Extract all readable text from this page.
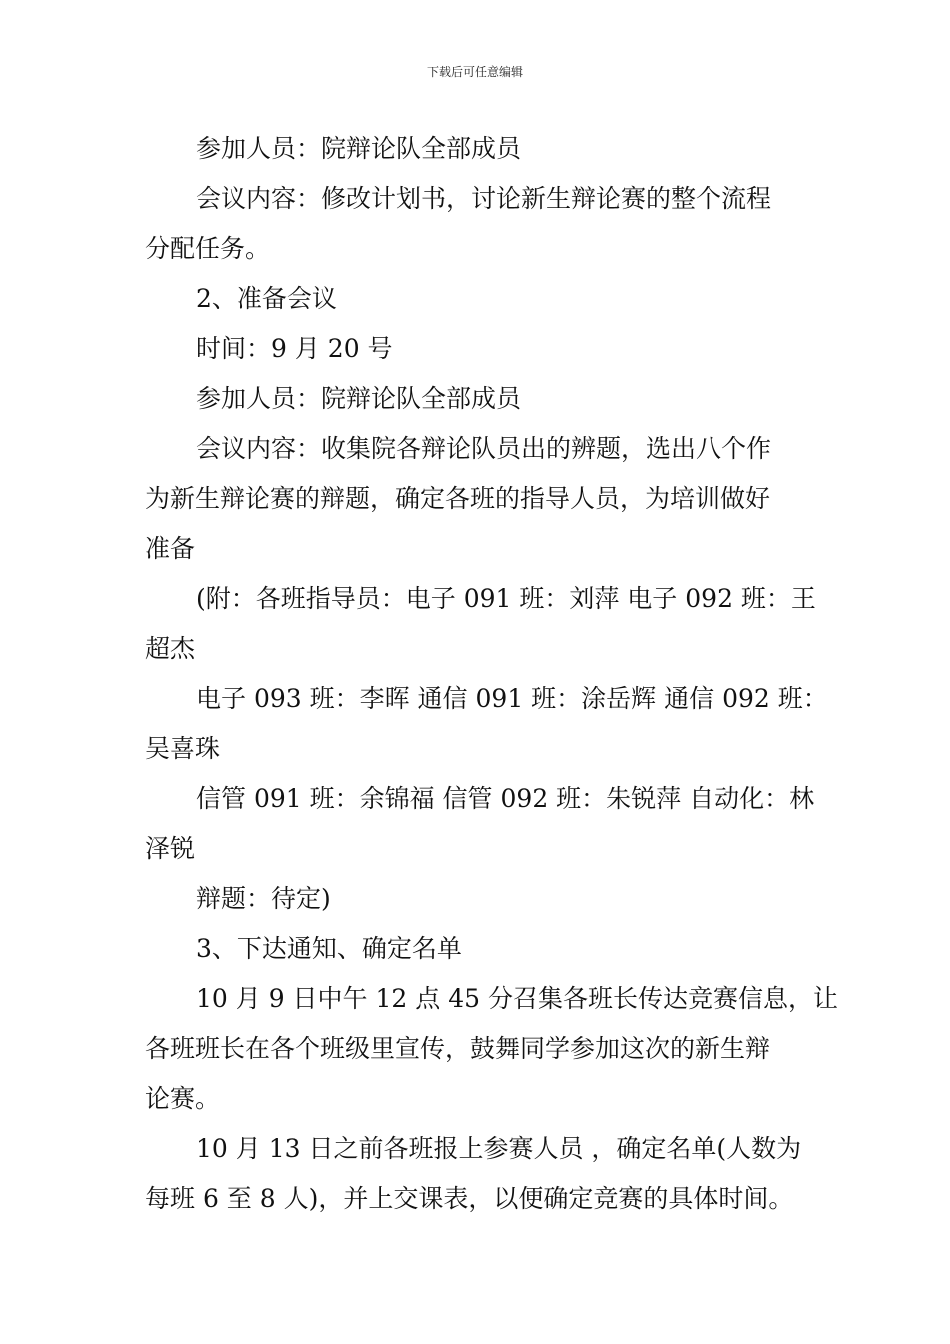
下载后可任意编辑
参加人员：院辩论队全部成员
会议内容：修改计划书，讨论新生辩论赛的整个流程
分配任务。
2、准备会议
时间：9 月 20 号
参加人员：院辩论队全部成员
会议内容：收集院各辩论队员出的辨题，选出八个作
为新生辩论赛的辩题，确定各班的指导人员，为培训做好
准备
(附：各班指导员：电子 091 班：刘萍 电子 092 班：王
超杰
电子 093 班：李晖 通信 091 班：涂岳辉 通信 092 班：
吴喜珠
信管 091 班：余锦福 信管 092 班：朱锐萍 自动化：林
泽锐
辩题：待定)
3、下达通知、确定名单
10 月 9 日中午 12 点 45 分召集各班长传达竞赛信息，让
各班班长在各个班级里宣传，鼓舞同学参加这次的新生辩
论赛。
10 月 13 日之前各班报上参赛人员 ，确定名单(人数为
每班 6 至 8 人)，并上交课表，以便确定竞赛的具体时间。
